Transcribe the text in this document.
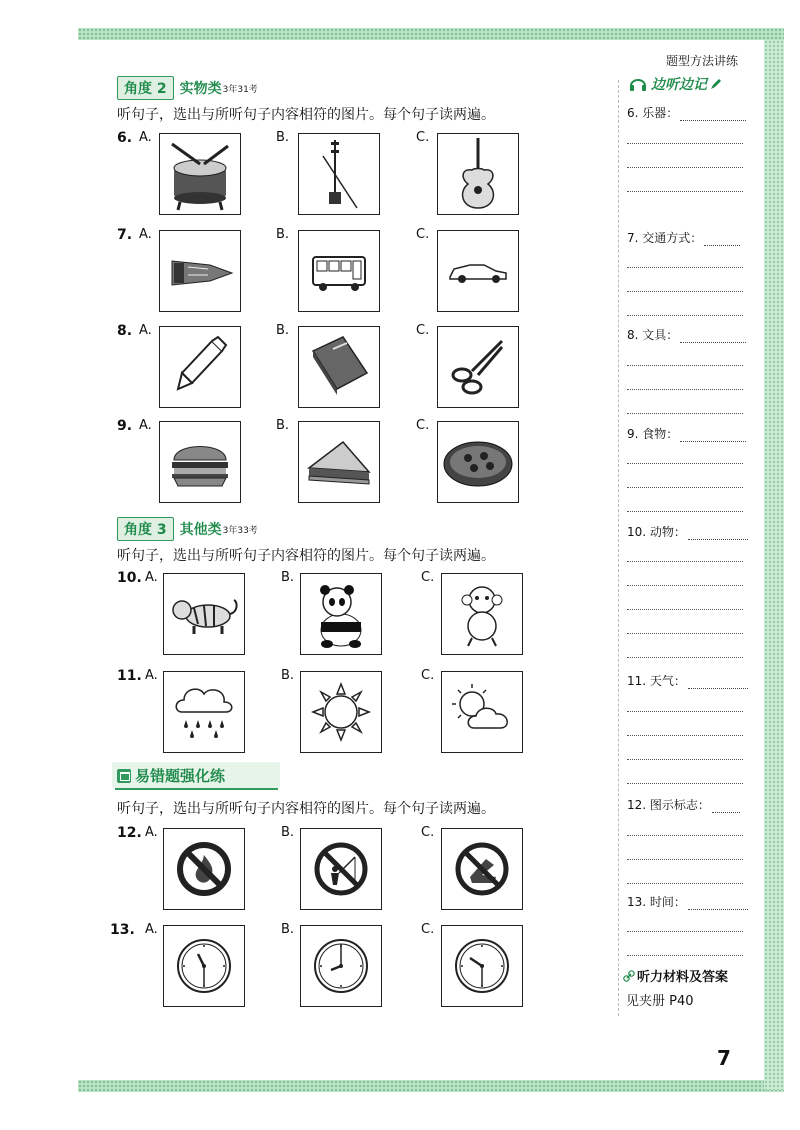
题型方法讲练
角度 2 实物类 3年31考
听句子，选出与所听句子内容相符的图片。每个句子读两遍。
角度 3 其他类 3年33考
听句子，选出与所听句子内容相符的图片。每个句子读两遍。
易错题强化练
听句子，选出与所听句子内容相符的图片。每个句子读两遍。
6. A.	B.	C.
7. A.	B.	C.
8. A.	B.	C.
9. A.	B.	C.
10. A.	B.	C.
11. A.	B.	C.
12. A.	B.	C.
13. A.	B.	C.
边听边记
6. 乐器：
7. 交通方式：
8. 文具：
9. 食物：
10. 动物：
11. 天气：
12. 图示标志：
13. 时间：
听力材料及答案
见夹册 P40
7
